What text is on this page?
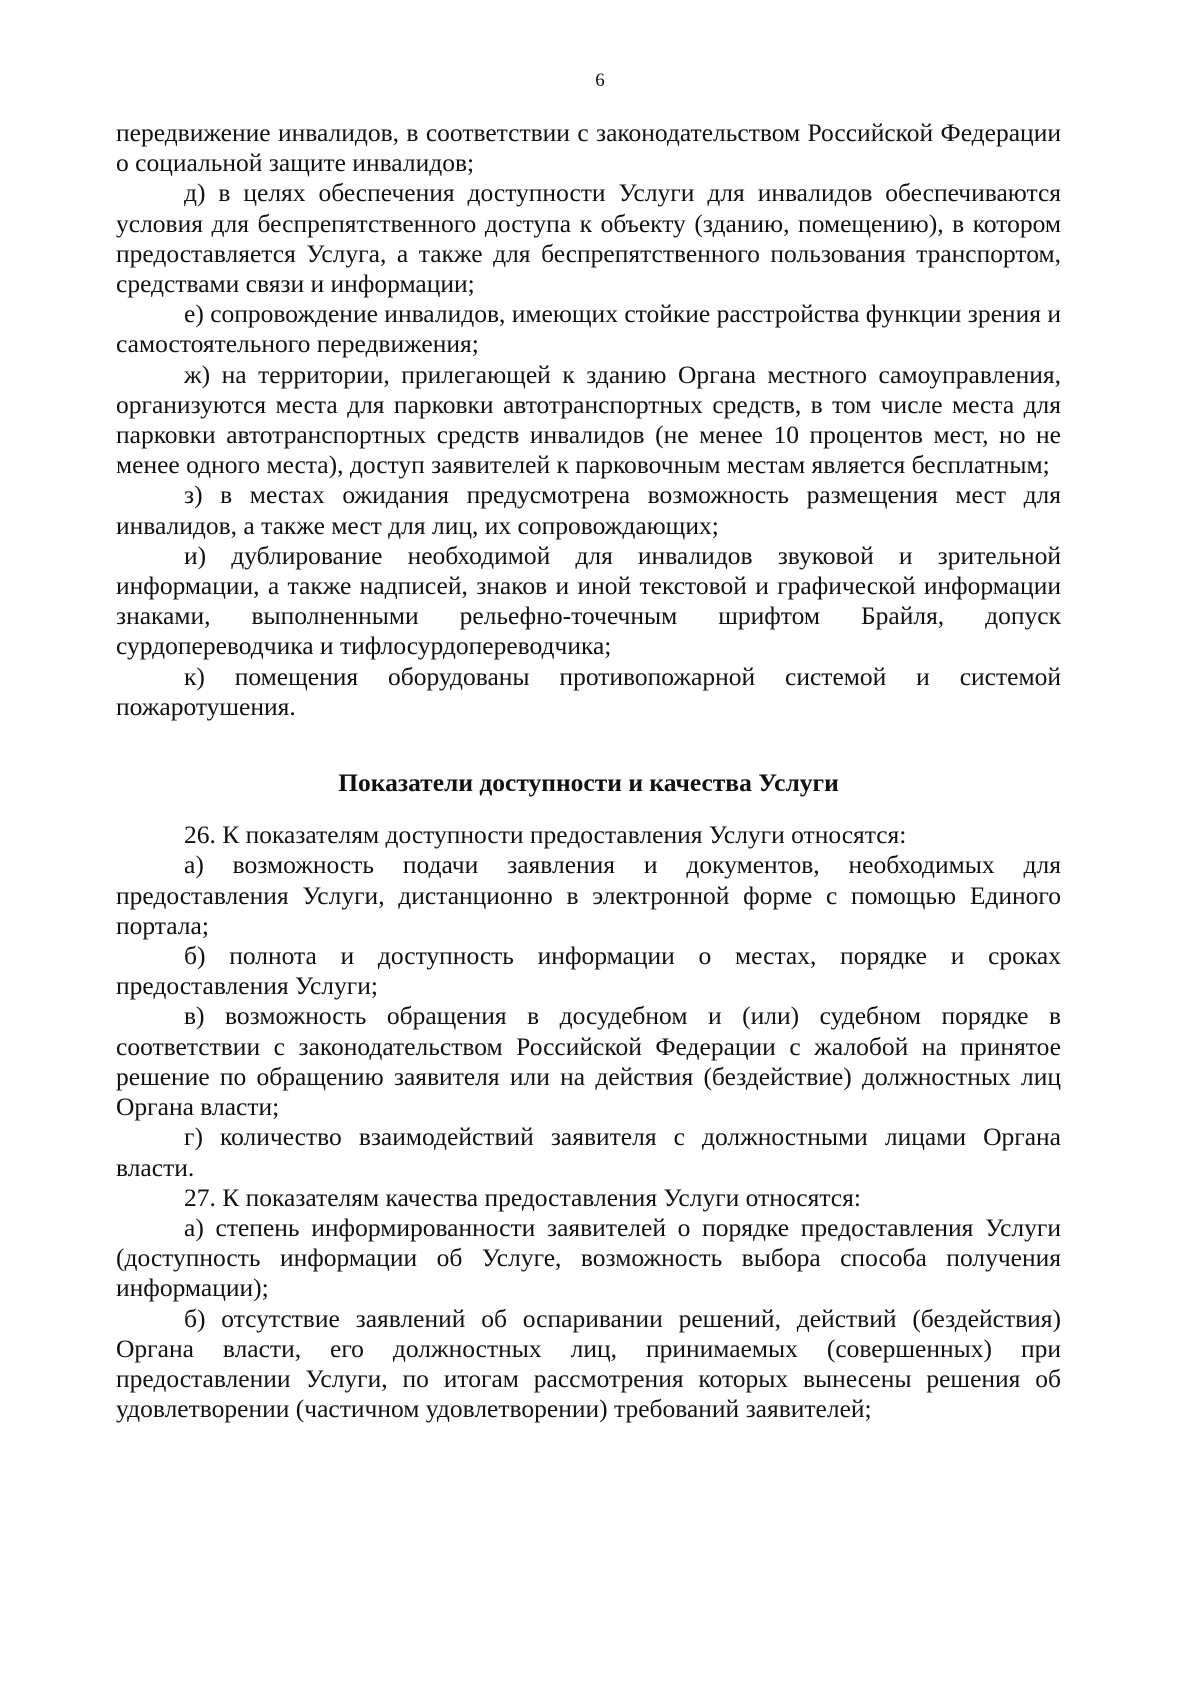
6

передвижение инвалидов, в соответствии с законодательством Российской Федерации о социальной защите инвалидов;

д) в целях обеспечения доступности Услуги для инвалидов обеспечиваются условия для беспрепятственного доступа к объекту (зданию, помещению), в котором предоставляется Услуга, а также для беспрепятственного пользования транспортом, средствами связи и информации;

е) сопровождение инвалидов, имеющих стойкие расстройства функции зрения и самостоятельного передвижения;

ж) на территории, прилегающей к зданию Органа местного самоуправления, организуются места для парковки автотранспортных средств, в том числе места для парковки автотранспортных средств инвалидов (не менее 10 процентов мест, но не менее одного места), доступ заявителей к парковочным местам является бесплатным;

з) в местах ожидания предусмотрена возможность размещения мест для инвалидов, а также мест для лиц, их сопровождающих;

и) дублирование необходимой для инвалидов звуковой и зрительной информации, а также надписей, знаков и иной текстовой и графической информации знаками, выполненными рельефно-точечным шрифтом Брайля, допуск сурдопереводчика и тифлосурдопереводчика;

к) помещения оборудованы противопожарной системой и системой пожаротушения.

Показатели доступности и качества Услуги

26. К показателям доступности предоставления Услуги относятся:

а) возможность подачи заявления и документов, необходимых для предоставления Услуги, дистанционно в электронной форме с помощью Единого портала;

б) полнота и доступность информации о местах, порядке и сроках предоставления Услуги;

в) возможность обращения в досудебном и (или) судебном порядке в соответствии с законодательством Российской Федерации с жалобой на принятое решение по обращению заявителя или на действия (бездействие) должностных лиц Органа власти;

г) количество взаимодействий заявителя с должностными лицами Органа власти.

27. К показателям качества предоставления Услуги относятся:

а) степень информированности заявителей о порядке предоставления Услуги (доступность информации об Услуге, возможность выбора способа получения информации);

б) отсутствие заявлений об оспаривании решений, действий (бездействия) Органа власти, его должностных лиц, принимаемых (совершенных) при предоставлении Услуги, по итогам рассмотрения которых вынесены решения об удовлетворении (частичном удовлетворении) требований заявителей;
